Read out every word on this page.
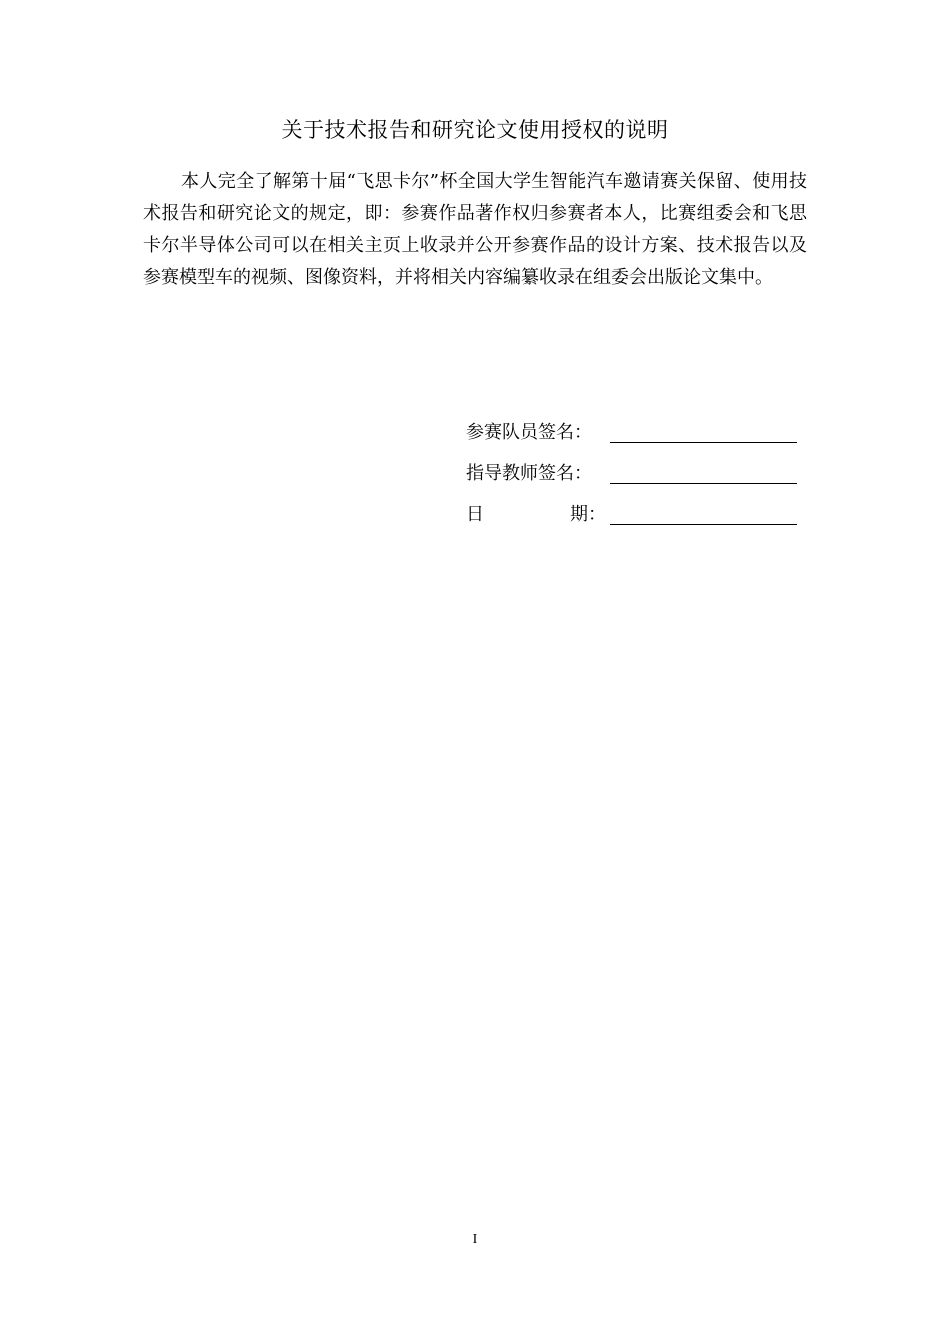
关于技术报告和研究论文使用授权的说明

本人完全了解第十届“飞思卡尔”杯全国大学生智能汽车邀请赛关保留、使用技术报告和研究论文的规定，即：参赛作品著作权归参赛者本人，比赛组委会和飞思卡尔半导体公司可以在相关主页上收录并公开参赛作品的设计方案、技术报告以及参赛模型车的视频、图像资料，并将相关内容编纂收录在组委会出版论文集中。

参赛队员签名：
指导教师签名：
日	期：
I
